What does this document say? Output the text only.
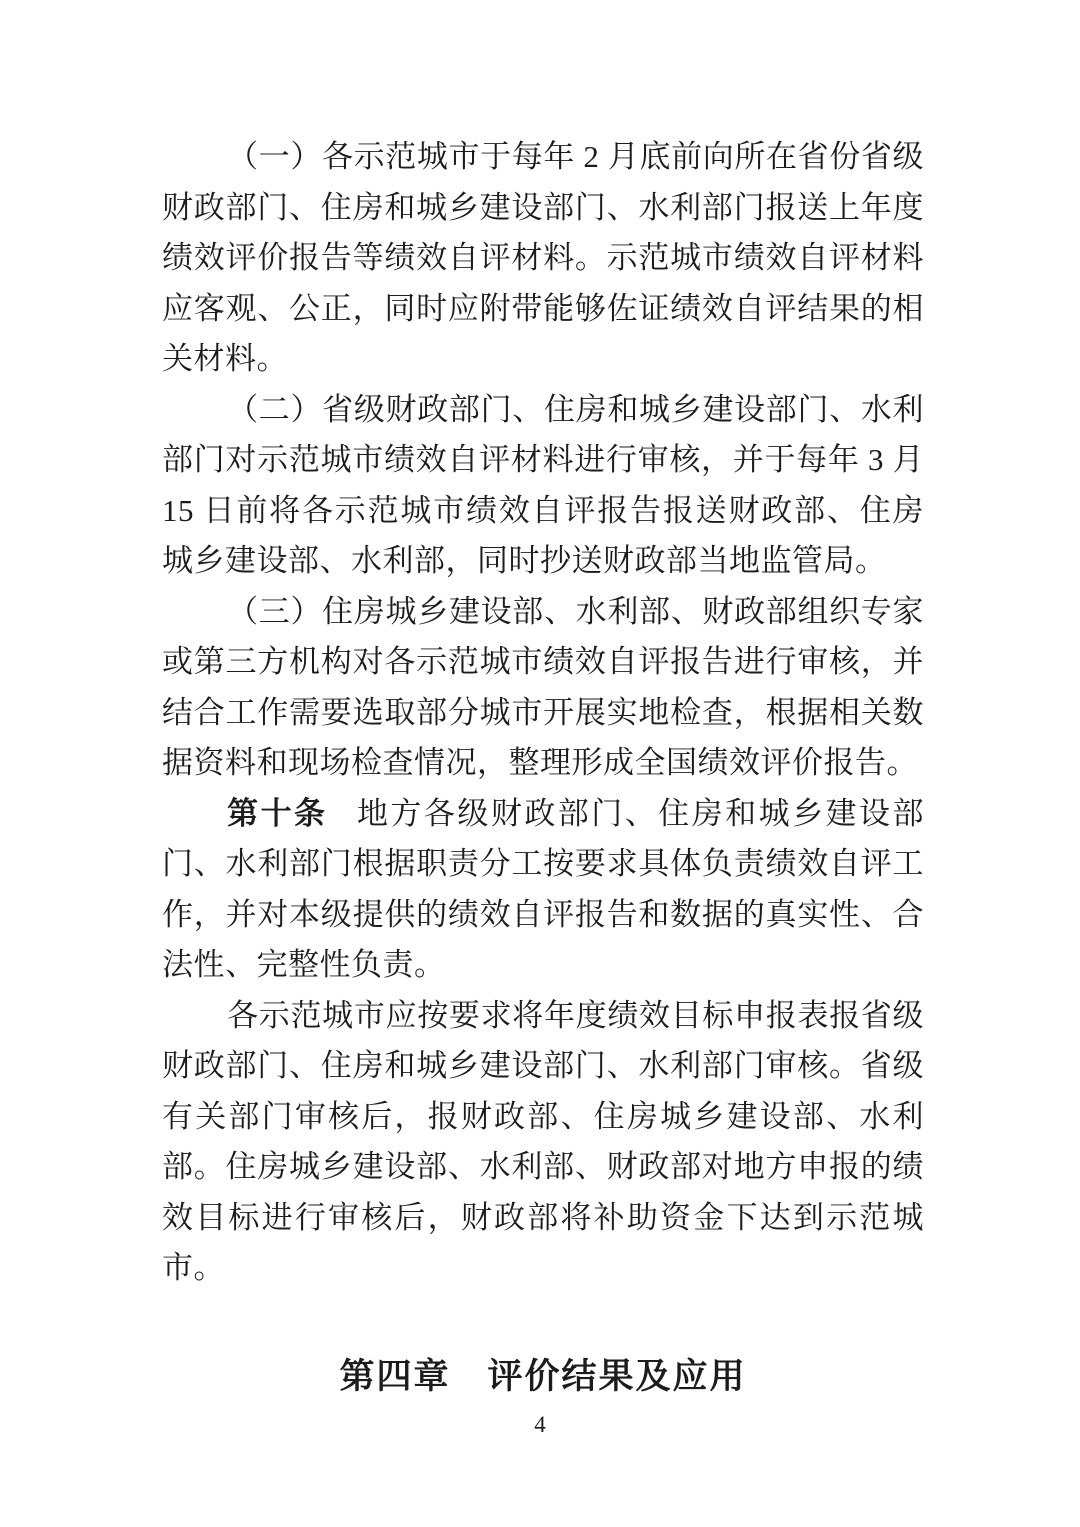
（一）各示范城市于每年 2 月底前向所在省份省级财政部门、住房和城乡建设部门、水利部门报送上年度绩效评价报告等绩效自评材料。示范城市绩效自评材料应客观、公正，同时应附带能够佐证绩效自评结果的相关材料。

（二）省级财政部门、住房和城乡建设部门、水利部门对示范城市绩效自评材料进行审核，并于每年 3 月 15 日前将各示范城市绩效自评报告报送财政部、住房城乡建设部、水利部，同时抄送财政部当地监管局。

（三）住房城乡建设部、水利部、财政部组织专家或第三方机构对各示范城市绩效自评报告进行审核，并结合工作需要选取部分城市开展实地检查，根据相关数据资料和现场检查情况，整理形成全国绩效评价报告。

第十条 地方各级财政部门、住房和城乡建设部门、水利部门根据职责分工按要求具体负责绩效自评工作，并对本级提供的绩效自评报告和数据的真实性、合法性、完整性负责。

各示范城市应按要求将年度绩效目标申报表报省级财政部门、住房和城乡建设部门、水利部门审核。省级有关部门审核后，报财政部、住房城乡建设部、水利部。住房城乡建设部、水利部、财政部对地方申报的绩效目标进行审核后，财政部将补助资金下达到示范城市。

第四章　评价结果及应用
4
